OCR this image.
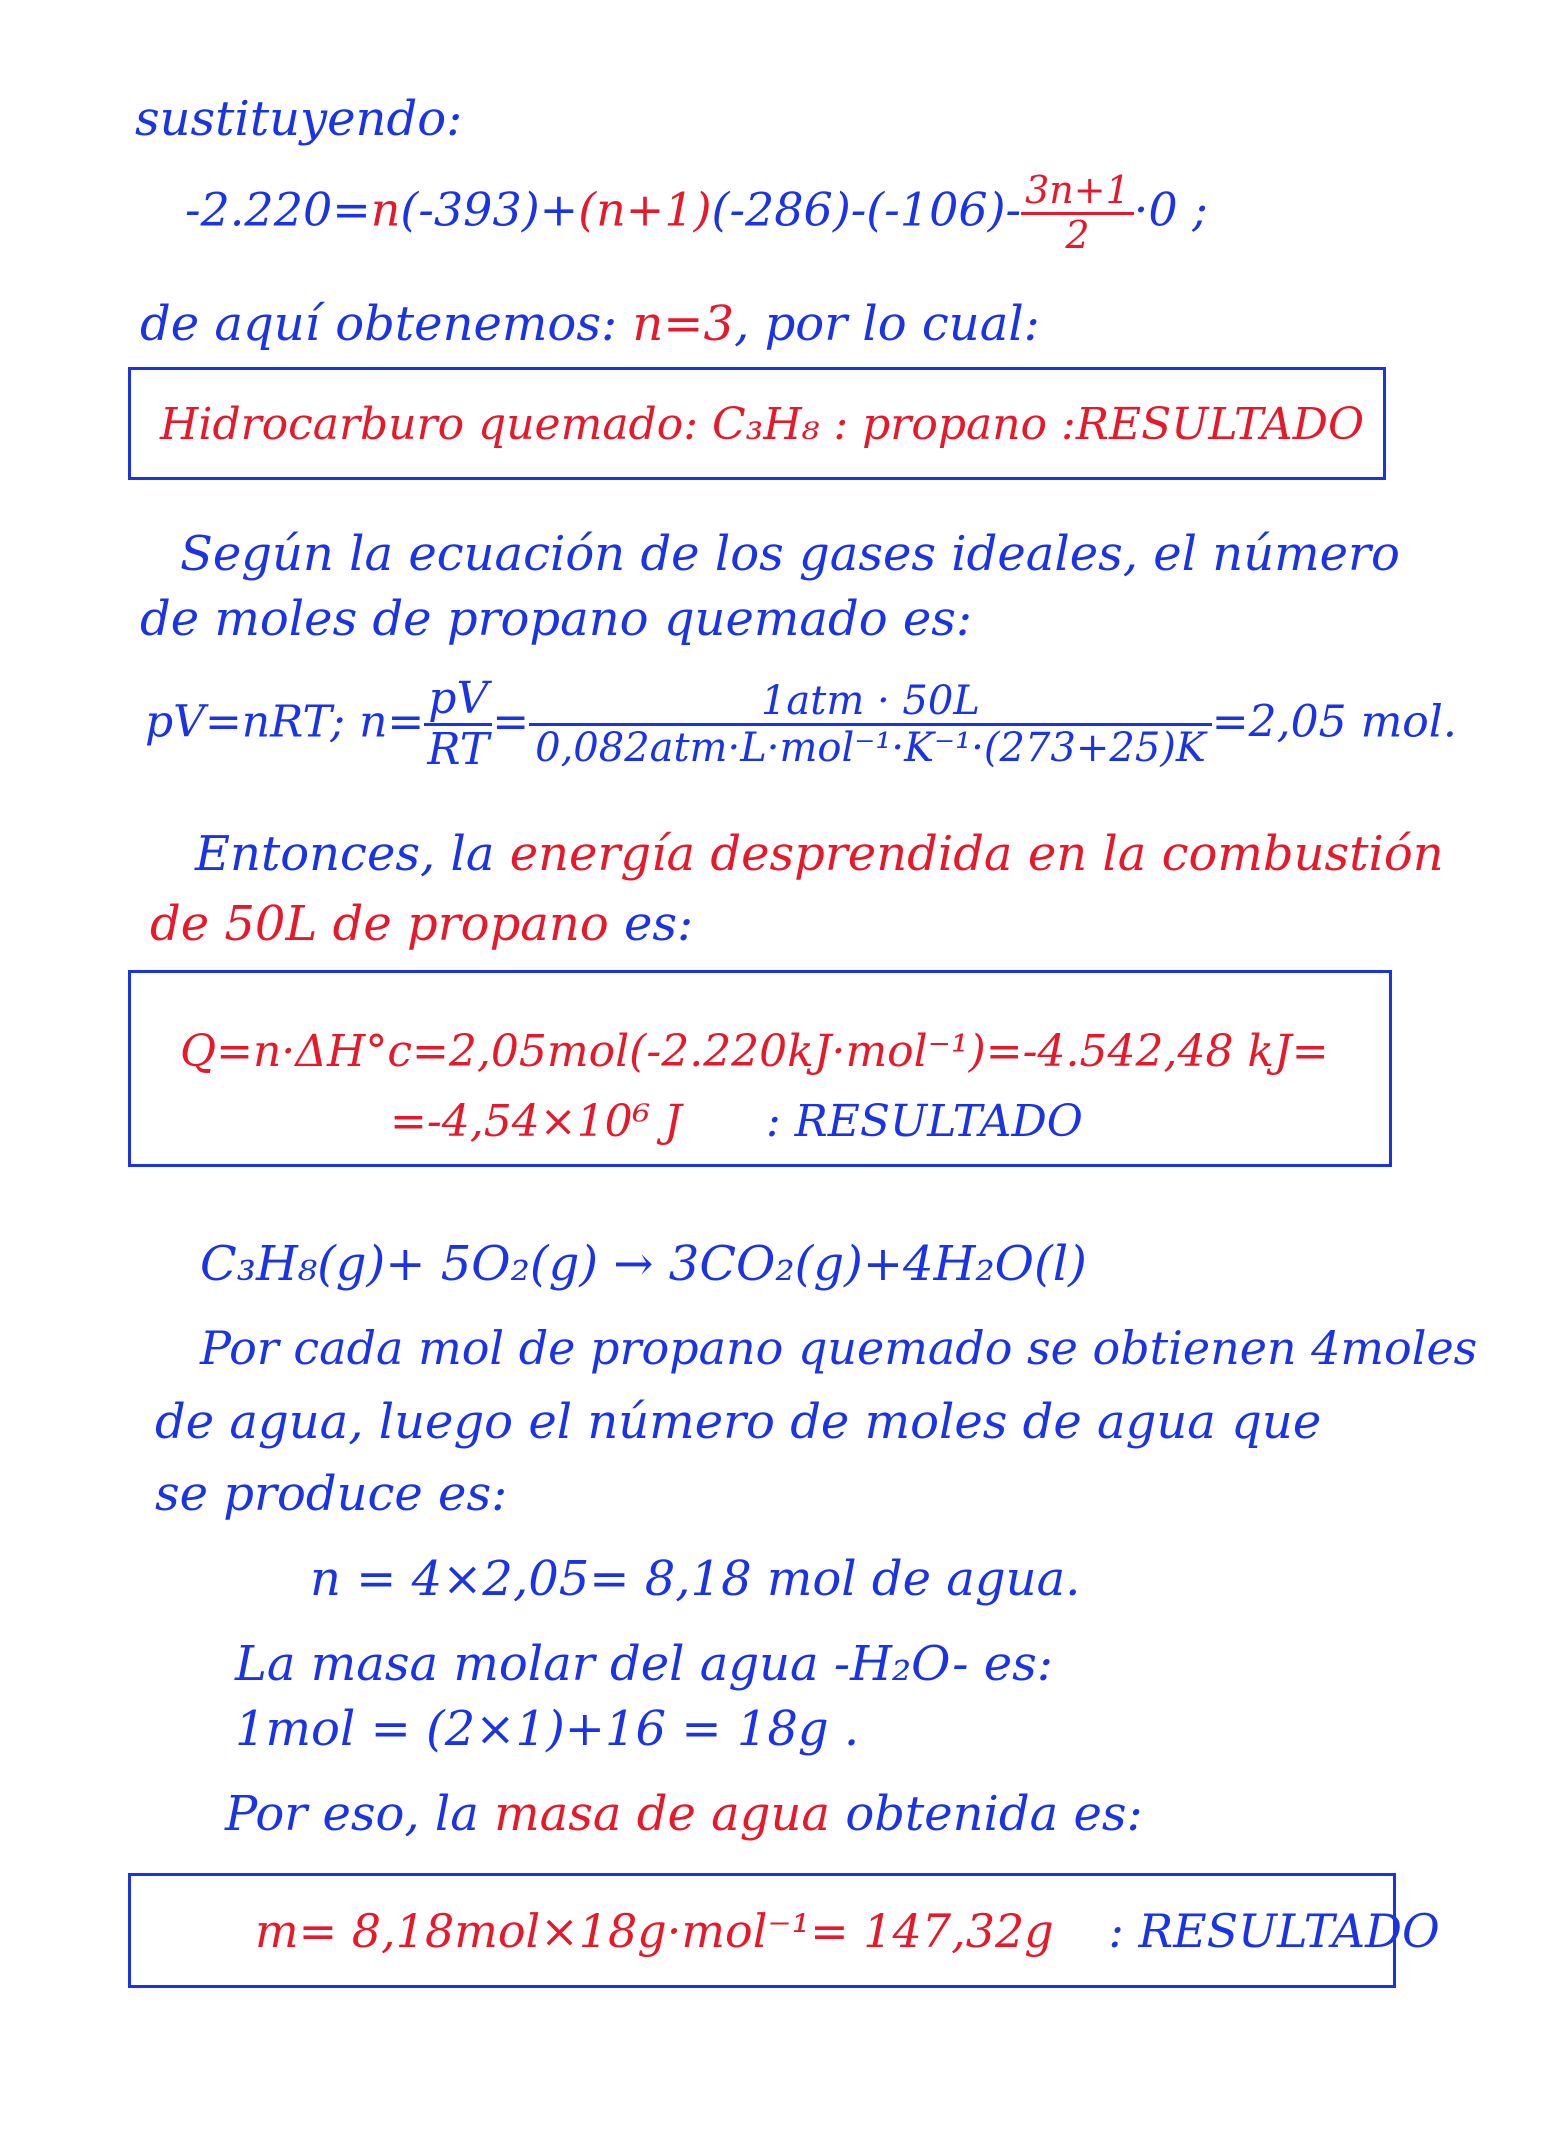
sustituyendo:
$-2.220=n(-393)+(n+1)(-286)-(-106)- \frac{3n+1}{2} \cdot 0$ ;
de aquí obtenemos: n=3, por lo cual:
Hidrocarburo quemado: C₃H₈ : propano :RESULTADO
Según la ecuación de los gases ideales, el número
de moles de propano quemado es:
pV=nRT; $n= \frac{pV}{RT} = \frac{\text{1atm · 50L}}{\text{0,082atm·L·mol⁻¹·K⁻¹·(273+25)K}} =2,05$ mol.
Entonces, la energía desprendida en la combustión
de 50L de propano es:
Q=n·ΔH°c=2,05mol(-2.220kJ·mol⁻¹)=-4.542,48 kJ=
=-4,54×10⁶ J : RESULTADO
C₃H₈(g)+ 5O₂(g) → 3CO₂(g)+4H₂O(l)
Por cada mol de propano quemado se obtienen 4moles
de agua, luego el número de moles de agua que
se produce es:
n = 4×2,05= 8,18 mol de agua.
La masa molar del agua -H₂O- es:
1mol = (2×1)+16 = 18g .
Por eso, la masa de agua obtenida es:
m= 8,18mol×18g·mol⁻¹= 147,32g : RESULTADO
